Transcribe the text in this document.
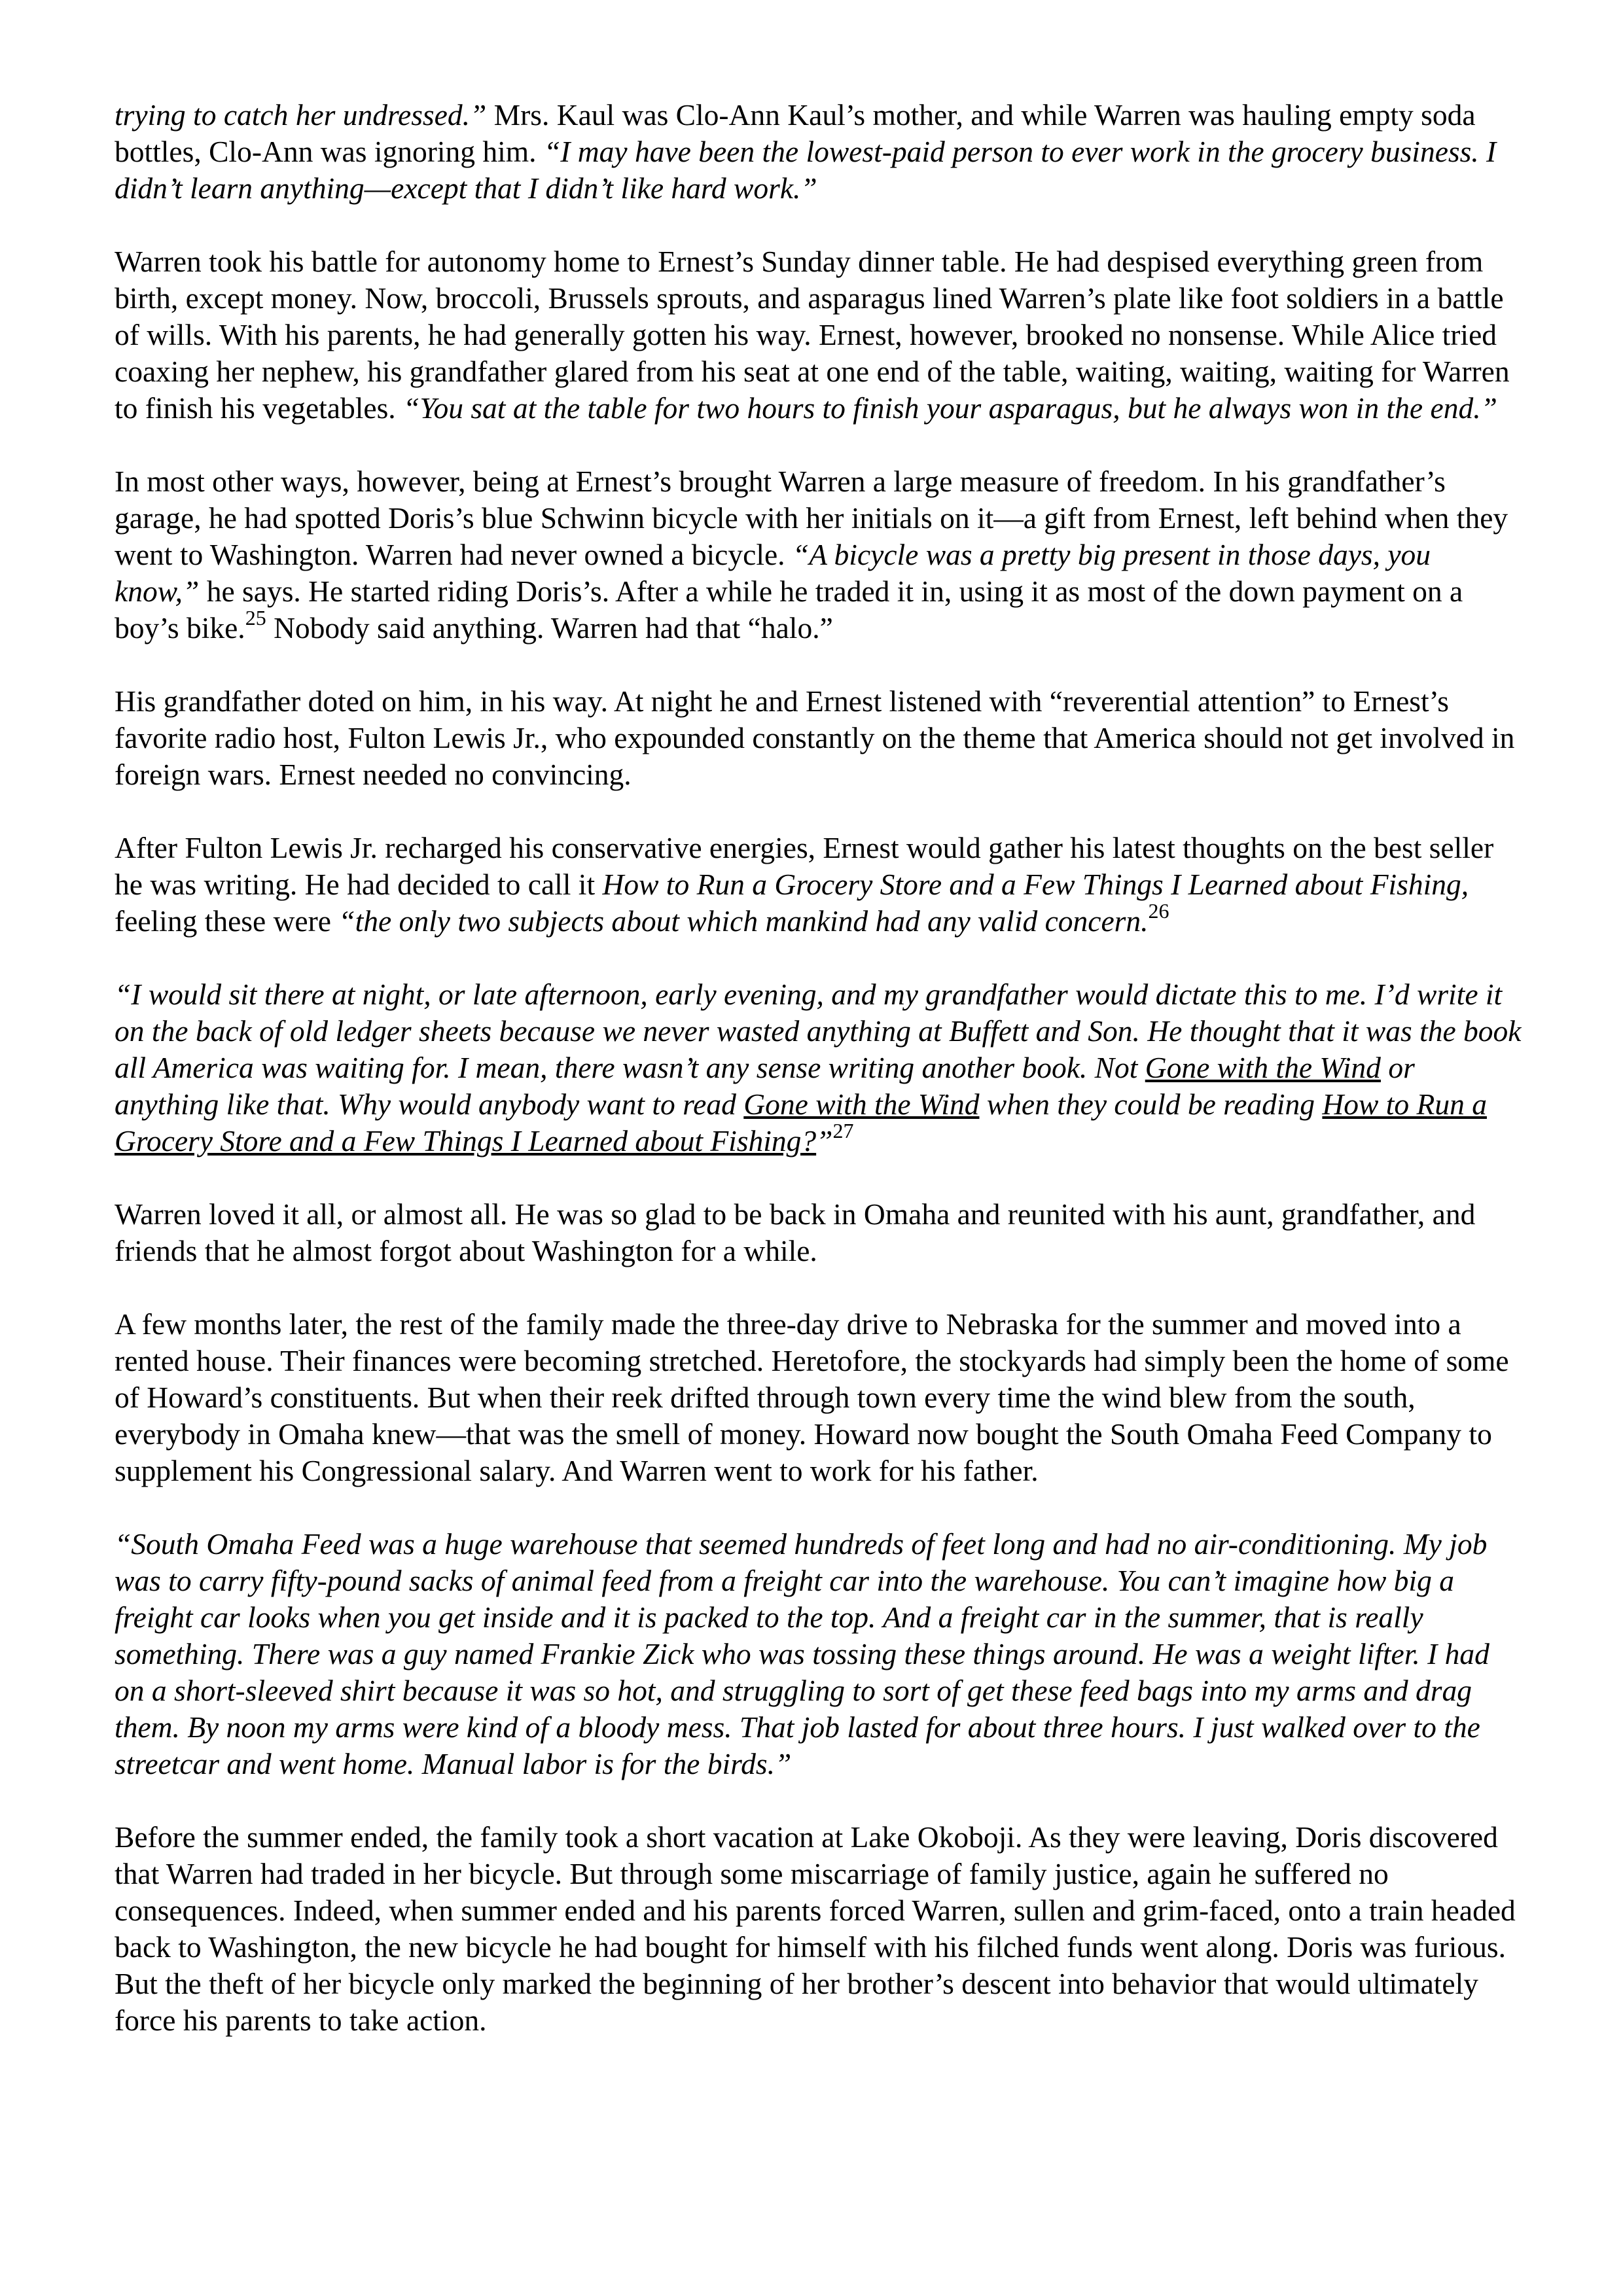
trying to catch her undressed.” Mrs. Kaul was Clo-Ann Kaul’s mother, and while Warren was hauling empty soda bottles, Clo-Ann was ignoring him. “I may have been the lowest-paid person to ever work in the grocery business. I didn’t learn anything—except that I didn’t like hard work.”

Warren took his battle for autonomy home to Ernest’s Sunday dinner table. He had despised everything green from birth, except money. Now, broccoli, Brussels sprouts, and asparagus lined Warren’s plate like foot soldiers in a battle of wills. With his parents, he had generally gotten his way. Ernest, however, brooked no nonsense. While Alice tried coaxing her nephew, his grandfather glared from his seat at one end of the table, waiting, waiting, waiting for Warren to finish his vegetables. “You sat at the table for two hours to finish your asparagus, but he always won in the end.”

In most other ways, however, being at Ernest’s brought Warren a large measure of freedom. In his grandfather’s garage, he had spotted Doris’s blue Schwinn bicycle with her initials on it—a gift from Ernest, left behind when they went to Washington. Warren had never owned a bicycle. “A bicycle was a pretty big present in those days, you know,” he says. He started riding Doris’s. After a while he traded it in, using it as most of the down payment on a boy’s bike.$^{25}$ Nobody said anything. Warren had that “halo.”

His grandfather doted on him, in his way. At night he and Ernest listened with “reverential attention” to Ernest’s favorite radio host, Fulton Lewis Jr., who expounded constantly on the theme that America should not get involved in foreign wars. Ernest needed no convincing.

After Fulton Lewis Jr. recharged his conservative energies, Ernest would gather his latest thoughts on the best seller he was writing. He had decided to call it How to Run a Grocery Store and a Few Things I Learned about Fishing, feeling these were “the only two subjects about which mankind had any valid concern.$^{26}$

“I would sit there at night, or late afternoon, early evening, and my grandfather would dictate this to me. I’d write it on the back of old ledger sheets because we never wasted anything at Buffett and Son. He thought that it was the book all America was waiting for. I mean, there wasn’t any sense writing another book. Not Gone with the Wind or anything like that. Why would anybody want to read Gone with the Wind when they could be reading How to Run a Grocery Store and a Few Things I Learned about Fishing?”$^{27}$

Warren loved it all, or almost all. He was so glad to be back in Omaha and reunited with his aunt, grandfather, and friends that he almost forgot about Washington for a while.

A few months later, the rest of the family made the three-day drive to Nebraska for the summer and moved into a rented house. Their finances were becoming stretched. Heretofore, the stockyards had simply been the home of some of Howard’s constituents. But when their reek drifted through town every time the wind blew from the south, everybody in Omaha knew—that was the smell of money. Howard now bought the South Omaha Feed Company to supplement his Congressional salary. And Warren went to work for his father.

“South Omaha Feed was a huge warehouse that seemed hundreds of feet long and had no air-conditioning. My job was to carry fifty-pound sacks of animal feed from a freight car into the warehouse. You can’t imagine how big a freight car looks when you get inside and it is packed to the top. And a freight car in the summer, that is really something. There was a guy named Frankie Zick who was tossing these things around. He was a weight lifter. I had on a short-sleeved shirt because it was so hot, and struggling to sort of get these feed bags into my arms and drag them. By noon my arms were kind of a bloody mess. That job lasted for about three hours. I just walked over to the streetcar and went home. Manual labor is for the birds.”

Before the summer ended, the family took a short vacation at Lake Okoboji. As they were leaving, Doris discovered that Warren had traded in her bicycle. But through some miscarriage of family justice, again he suffered no consequences. Indeed, when summer ended and his parents forced Warren, sullen and grim-faced, onto a train headed back to Washington, the new bicycle he had bought for himself with his filched funds went along. Doris was furious. But the theft of her bicycle only marked the beginning of her brother’s descent into behavior that would ultimately force his parents to take action.
